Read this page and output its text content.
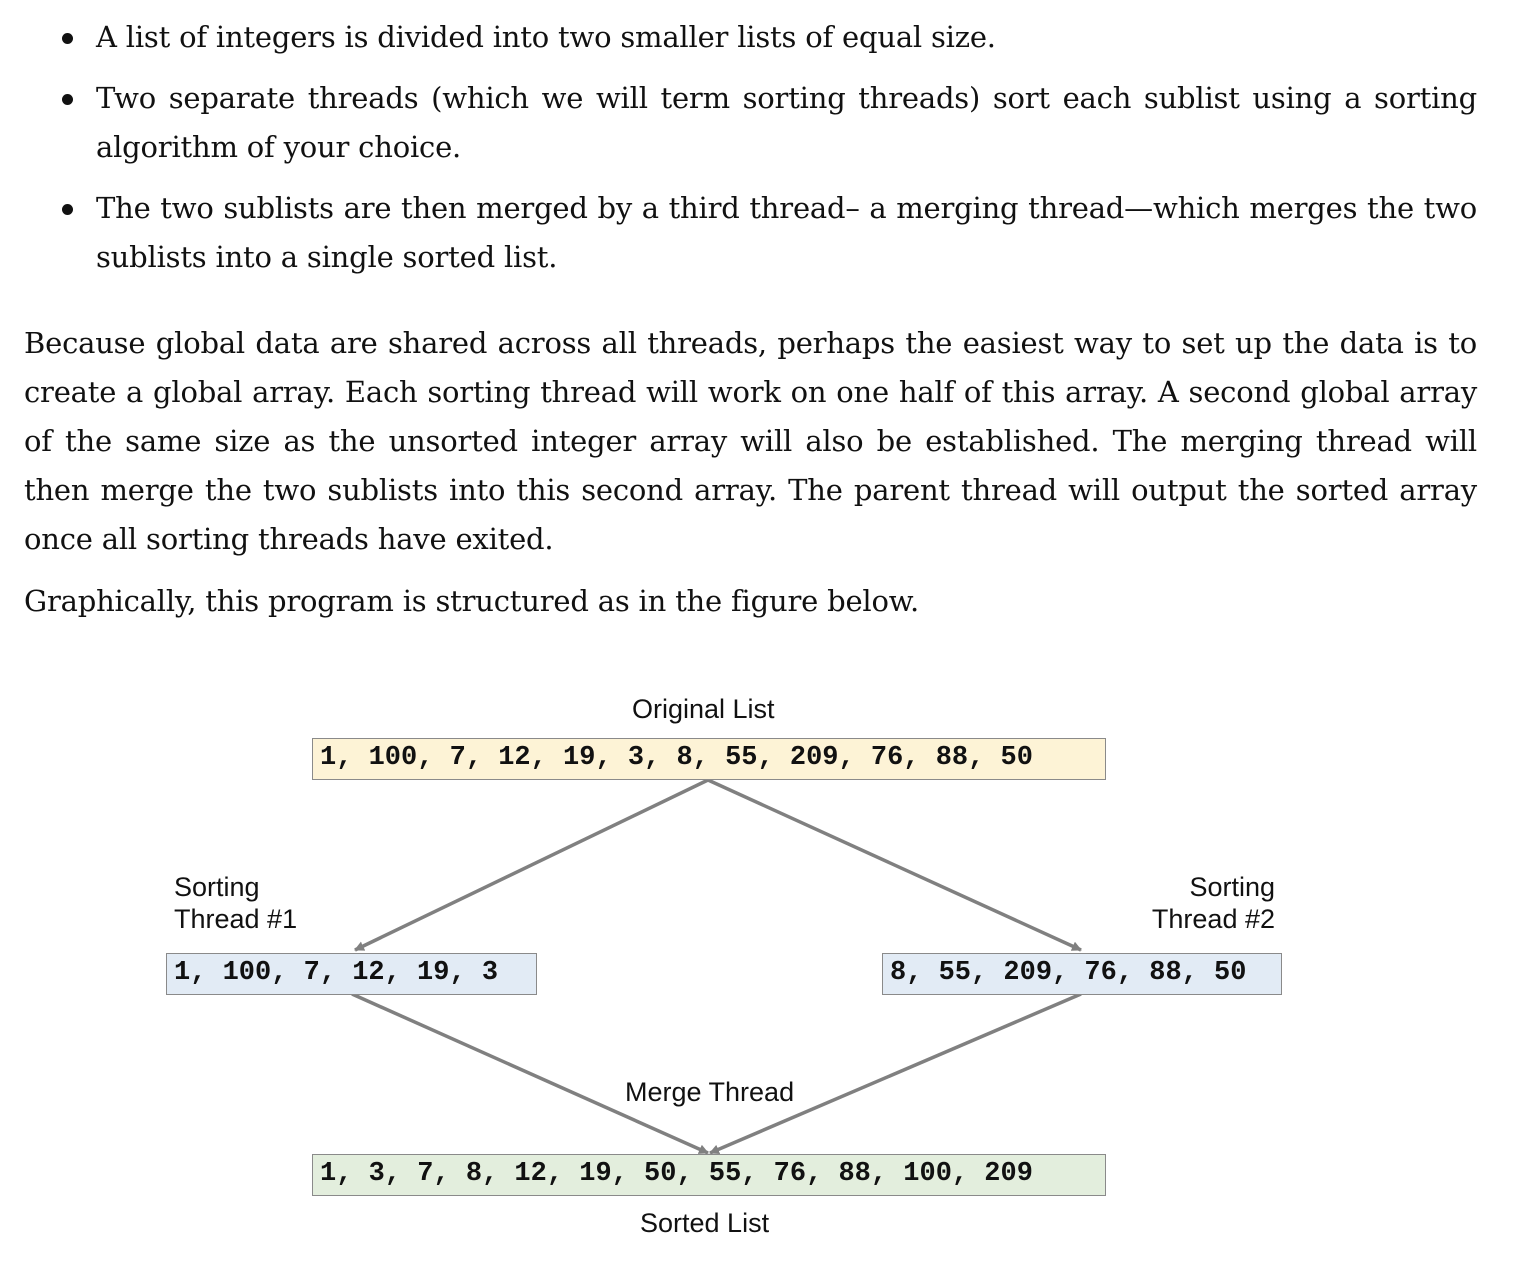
A list of integers is divided into two smaller lists of equal size.
Two separate threads (which we will term sorting threads) sort each sublist using a sorting algorithm of your choice.
The two sublists are then merged by a third thread– a merging thread—which merges the two sublists into a single sorted list.

Because global data are shared across all threads, perhaps the easiest way to set up the data is to create a global array. Each sorting thread will work on one half of this array. A second global array of the same size as the unsorted integer array will also be established. The merging thread will then merge the two sublists into this second array. The parent thread will output the sorted array once all sorting threads have exited.

Graphically, this program is structured as in the figure below.

Original List
1, 100, 7, 12, 19, 3, 8, 55, 209, 76, 88, 50
Sorting
Thread #1
1, 100, 7, 12, 19, 3
Sorting
Thread #2
8, 55, 209, 76, 88, 50
Merge Thread
1, 3, 7, 8, 12, 19, 50, 55, 76, 88, 100, 209
Sorted List
